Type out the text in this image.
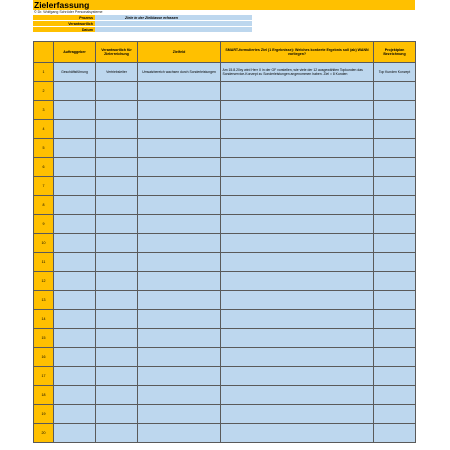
Zielerfassung
© Dr. Wolfgang Schröder Personalsysteme
Prozess	Ziele in der Zielklasse erfassen
Verantwortlich
Datum
	Auftraggeber	Verantwortlich für Zielerreichung	Zielfeld	SMART-formuliertes Ziel (1 Ergebnisse): Welches konkrete Ergebnis soll (ab) WANN vorliegen?	Projektplan Bezeichnung
1	Geschäftsführung	Vertriebsleiter	Umsatzbereich wachsen durch Sonderleistungen	Am 15.8.20xy wird Herr X in der GF vorstellen, wie viele der 12 ausgewählten Topkunden das Sonderservice-Konzept zu Sonderleistungen angenommen haben. Ziel = 8 Kunden	Top Kunden Konzept
2					
3					
4					
5					
6					
7					
8					
9					
10					
11					
12					
13					
14					
15					
16					
17					
18					
19					
20					
